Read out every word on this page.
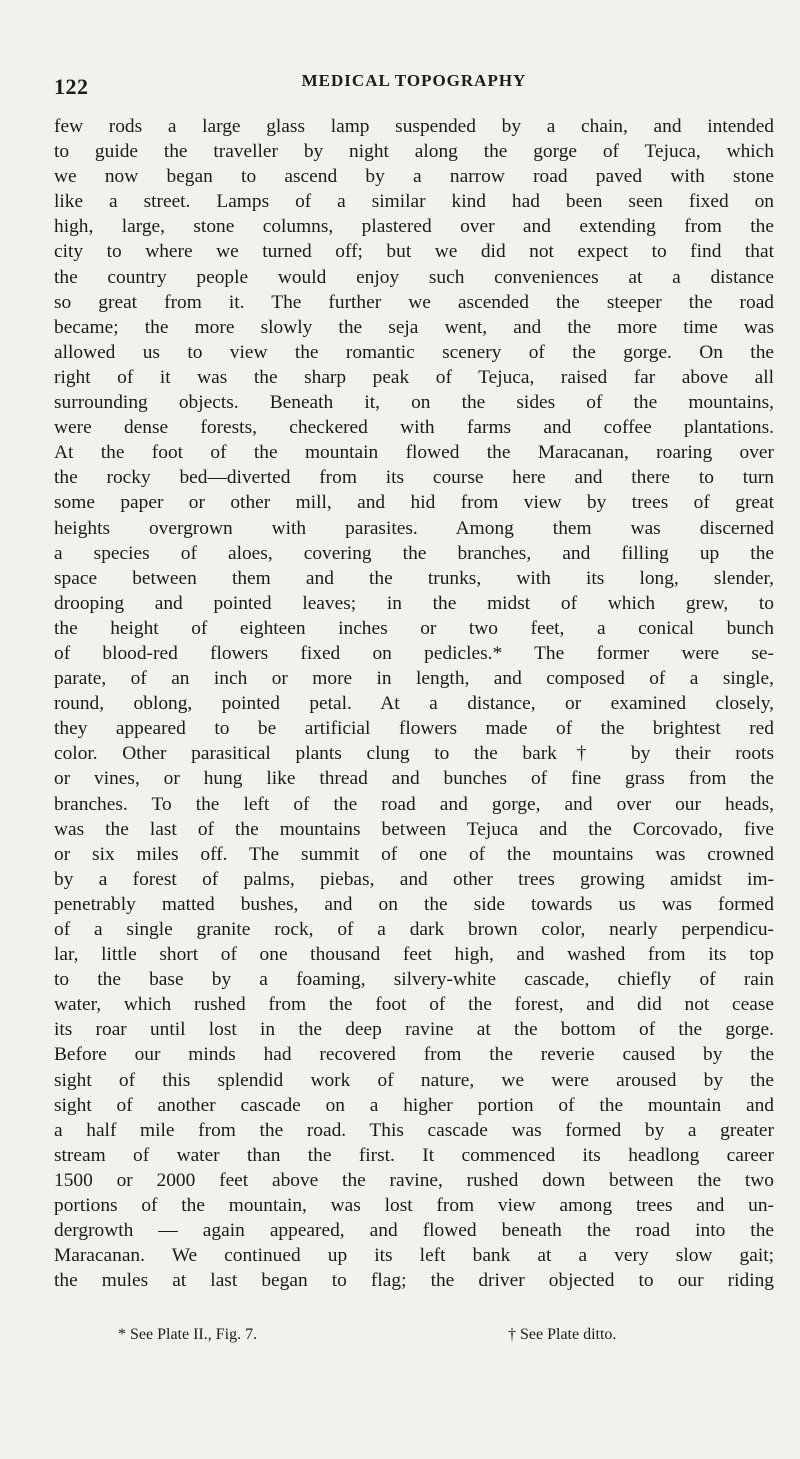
122	MEDICAL TOPOGRAPHY
few rods a large glass lamp suspended by a chain, and intended
to guide the traveller by night along the gorge of Tejuca, which
we now began to ascend by a narrow road paved with stone
like a street. Lamps of a similar kind had been seen fixed on
high, large, stone columns, plastered over and extending from the
city to where we turned off; but we did not expect to find that
the country people would enjoy such conveniences at a distance
so great from it. The further we ascended the steeper the road
became; the more slowly the seja went, and the more time was
allowed us to view the romantic scenery of the gorge. On the
right of it was the sharp peak of Tejuca, raised far above all
surrounding objects. Beneath it, on the sides of the mountains,
were dense forests, checkered with farms and coffee plantations.
At the foot of the mountain flowed the Maracanan, roaring over
the rocky bed—diverted from its course here and there to turn
some paper or other mill, and hid from view by trees of great
heights overgrown with parasites. Among them was discerned
a species of aloes, covering the branches, and filling up the
space between them and the trunks, with its long, slender,
drooping and pointed leaves; in the midst of which grew, to
the height of eighteen inches or two feet, a conical bunch
of blood-red flowers fixed on pedicles.* The former were se-
parate, of an inch or more in length, and composed of a single,
round, oblong, pointed petal. At a distance, or examined closely,
they appeared to be artificial flowers made of the brightest red
color. Other parasitical plants clung to the bark† by their roots
or vines, or hung like thread and bunches of fine grass from the
branches. To the left of the road and gorge, and over our heads,
was the last of the mountains between Tejuca and the Corcovado, five
or six miles off. The summit of one of the mountains was crowned
by a forest of palms, piebas, and other trees growing amidst im-
penetrably matted bushes, and on the side towards us was formed
of a single granite rock, of a dark brown color, nearly perpendicu-
lar, little short of one thousand feet high, and washed from its top
to the base by a foaming, silvery-white cascade, chiefly of rain
water, which rushed from the foot of the forest, and did not cease
its roar until lost in the deep ravine at the bottom of the gorge.
Before our minds had recovered from the reverie caused by the
sight of this splendid work of nature, we were aroused by the
sight of another cascade on a higher portion of the mountain and
a half mile from the road. This cascade was formed by a greater
stream of water than the first. It commenced its headlong career
1500 or 2000 feet above the ravine, rushed down between the two
portions of the mountain, was lost from view among trees and un-
dergrowth — again appeared, and flowed beneath the road into the
Maracanan. We continued up its left bank at a very slow gait;
the mules at last began to flag; the driver objected to our riding
* See Plate II., Fig. 7.	† See Plate ditto.
